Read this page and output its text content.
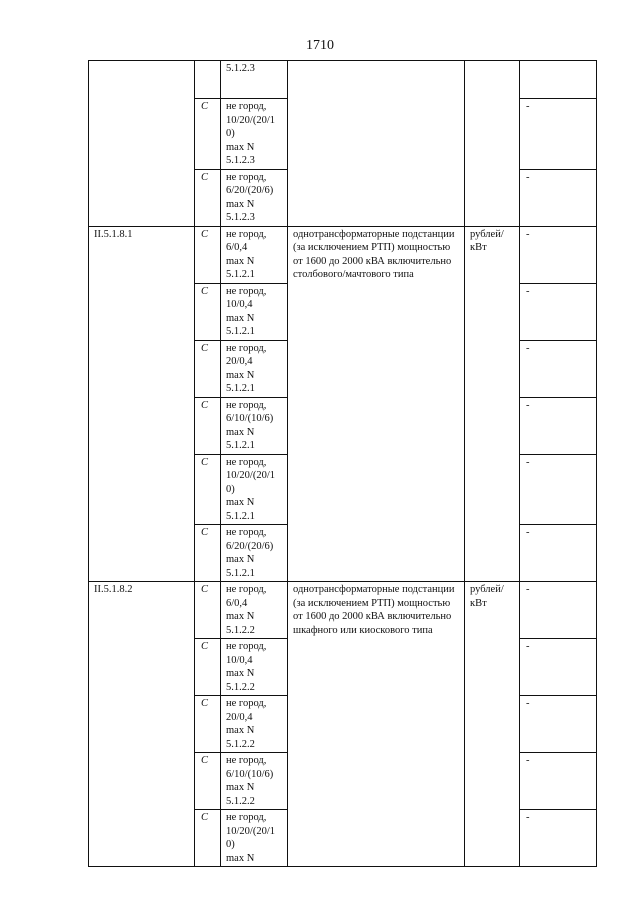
1710
		5.1.2.3			
	C	не город,
10/20/(20/1
0)
max N
5.1.2.3			-
	C	не город,
6/20/(20/6)
max N
5.1.2.3			-
II.5.1.8.1	C	не город,
6/0,4
max N
5.1.2.1	однотрансформаторные подстанции (за исключением РТП) мощностью от 1600 до 2000 кВА включительно столбового/мачтового типа	рублей/
кВт	-
	C	не город,
10/0,4
max N
5.1.2.1			-
	C	не город,
20/0,4
max N
5.1.2.1			-
	C	не город,
6/10/(10/6)
max N
5.1.2.1			-
	C	не город,
10/20/(20/1
0)
max N
5.1.2.1			-
	C	не город,
6/20/(20/6)
max N
5.1.2.1			-
II.5.1.8.2	C	не город,
6/0,4
max N
5.1.2.2	однотрансформаторные подстанции (за исключением РТП) мощностью от 1600 до 2000 кВА включительно шкафного или киоскового типа	рублей/
кВт	-
	C	не город,
10/0,4
max N
5.1.2.2			-
	C	не город,
20/0,4
max N
5.1.2.2			-
	C	не город,
6/10/(10/6)
max N
5.1.2.2			-
	C	не город,
10/20/(20/1
0)
max N			-
